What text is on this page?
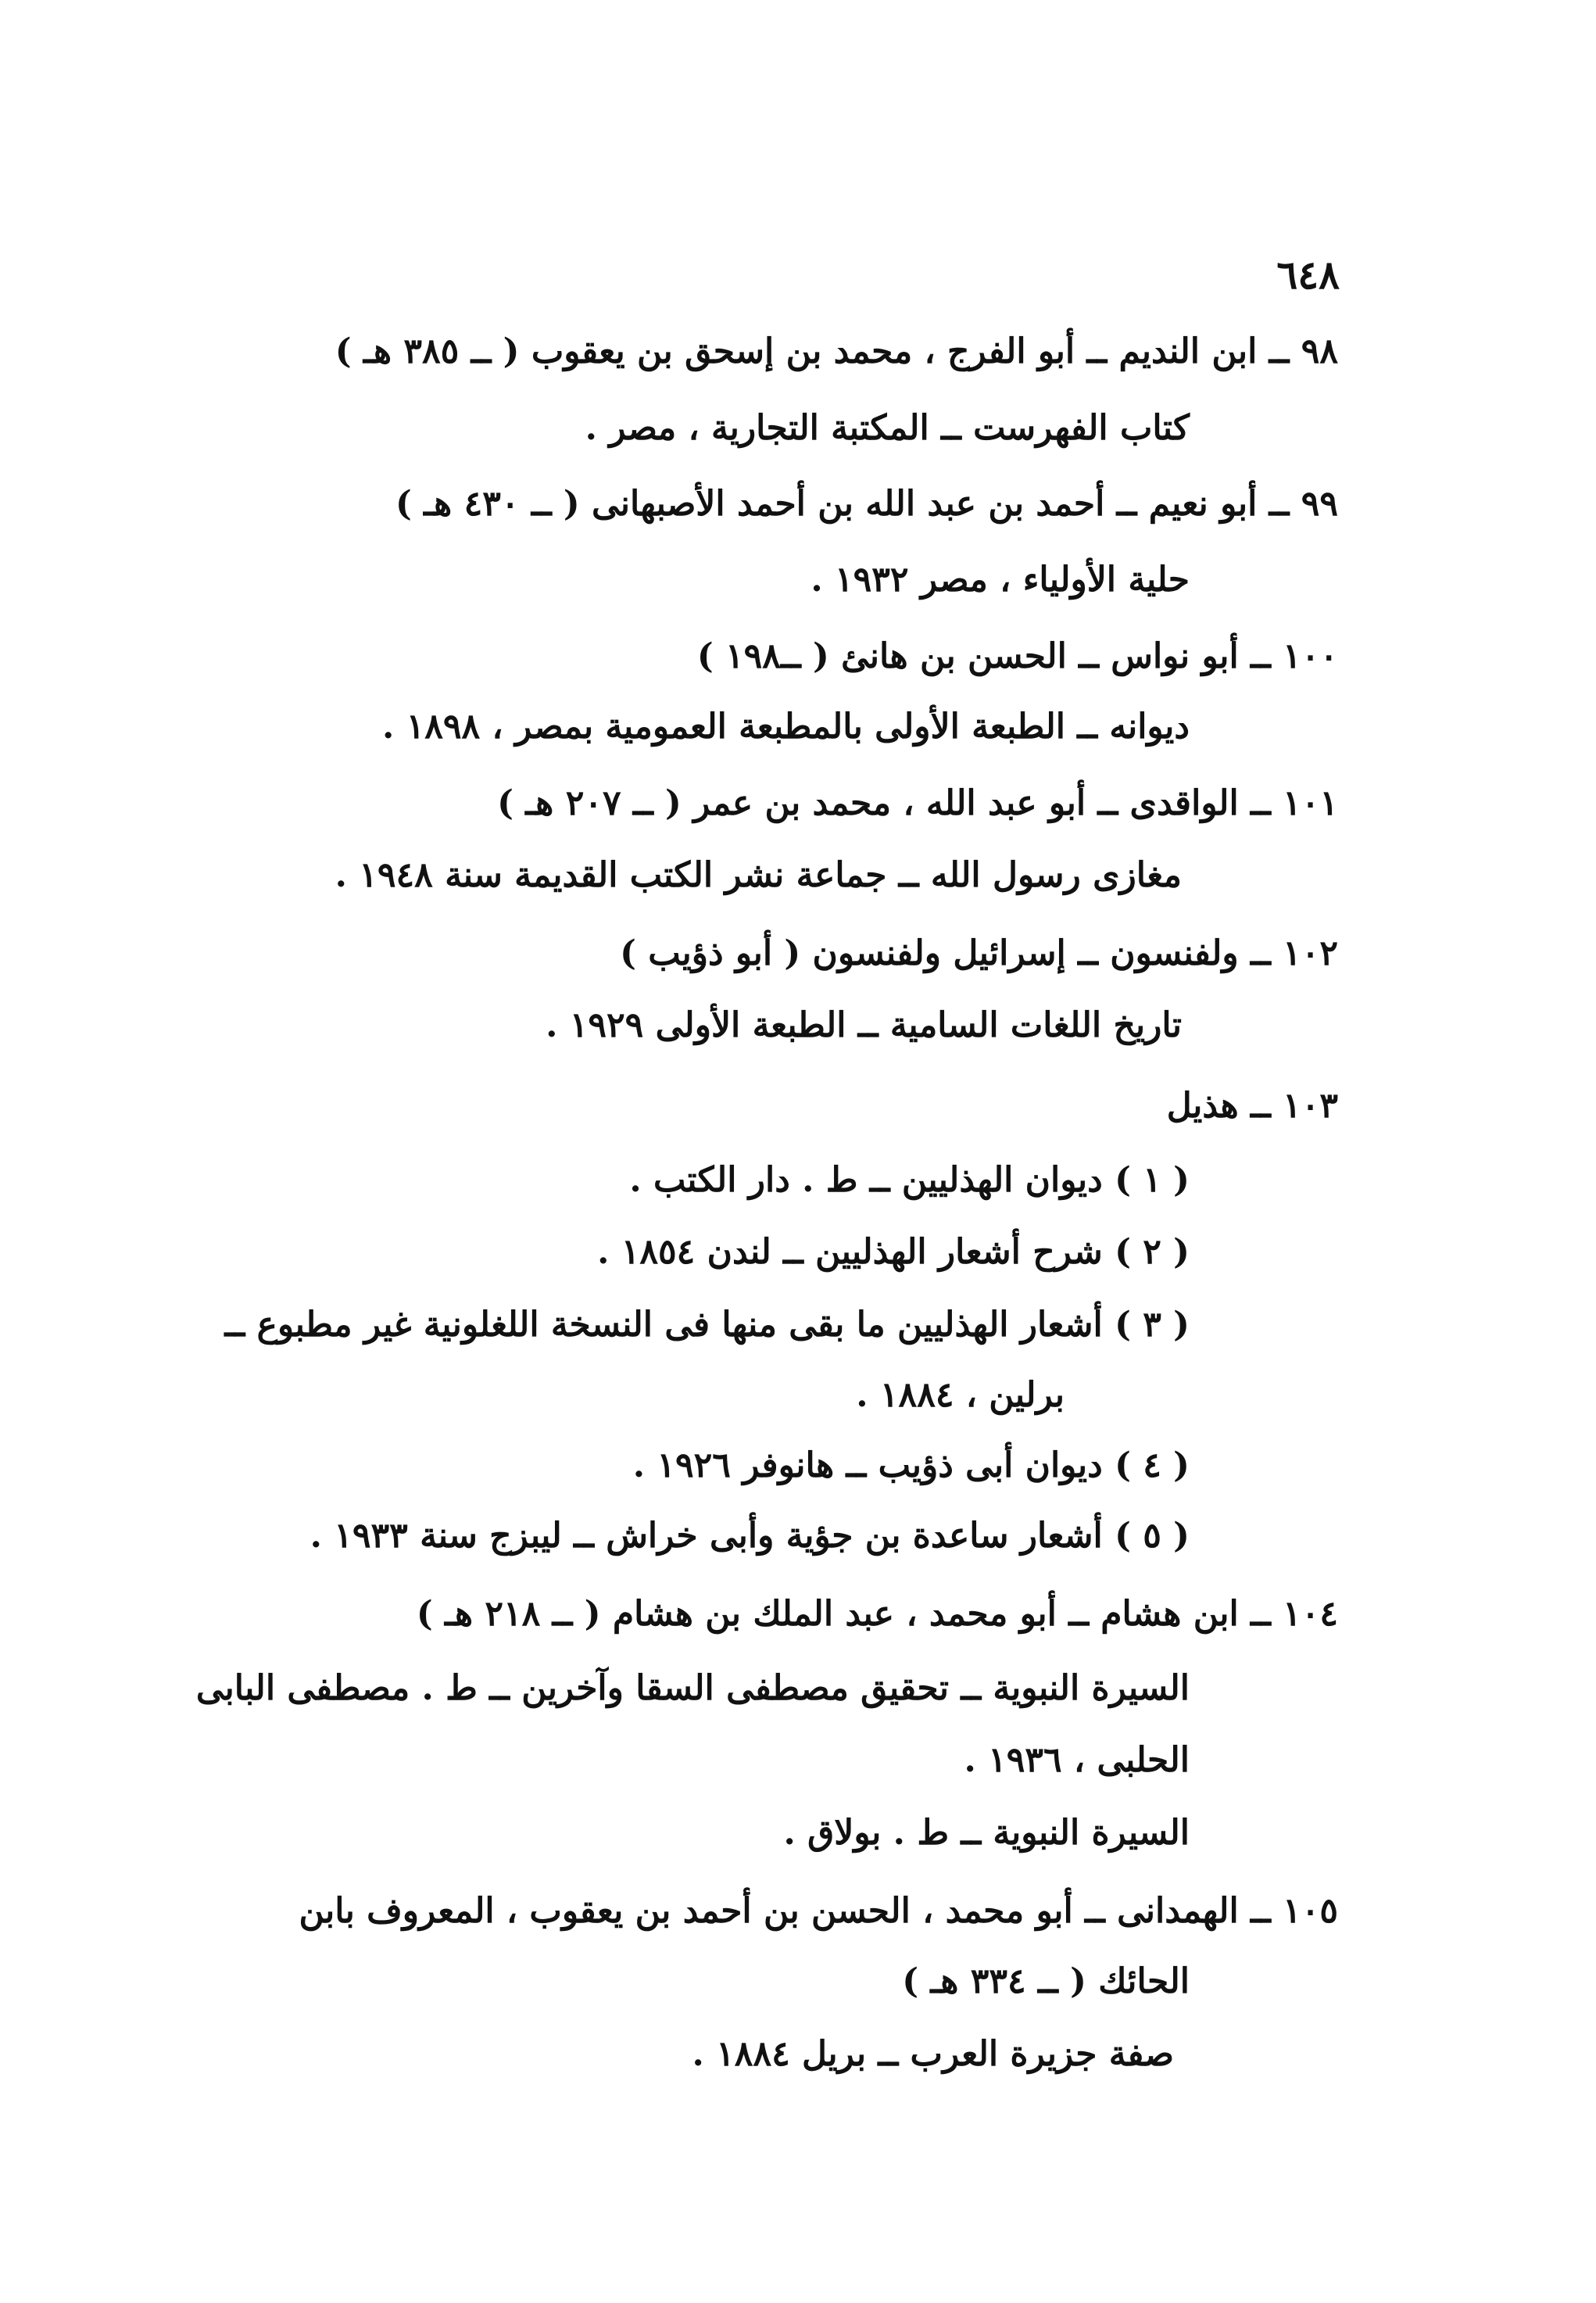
٦٤٨
٩٨ ــ ابن النديم ــ أبو الفرج ، محمد بن إسحق بن يعقوب ( ــ ٣٨٥ هـ )
كتاب الفهرست ــ المكتبة التجارية ، مصر .
٩٩ ــ أبو نعيم ــ أحمد بن عبد الله بن أحمد الأصبهانى ( ــ ٤٣٠ هـ )
حلية الأولياء ، مصر ١٩٣٢ .
١٠٠ ــ أبو نواس ــ الحسن بن هانئ ( ــ١٩٨ )
ديوانه ــ الطبعة الأولى بالمطبعة العمومية بمصر ، ١٨٩٨ .
١٠١ ــ الواقدى ــ أبو عبد الله ، محمد بن عمر ( ــ ٢٠٧ هـ )
مغازى رسول الله ــ جماعة نشر الكتب القديمة سنة ١٩٤٨ .
١٠٢ ــ ولفنسون ــ إسرائيل ولفنسون ( أبو ذؤيب )
تاريخ اللغات السامية ــ الطبعة الأولى ١٩٢٩ .
١٠٣ ــ هذيل
( ١ ) ديوان الهذليين ــ ط . دار الكتب .
( ٢ ) شرح أشعار الهذليين ــ لندن ١٨٥٤ .
( ٣ ) أشعار الهذليين ما بقى منها فى النسخة اللغلونية غير مطبوع ــ
برلين ، ١٨٨٤ .
( ٤ ) ديوان أبى ذؤيب ــ هانوفر ١٩٢٦ .
( ٥ ) أشعار ساعدة بن جؤية وأبى خراش ــ ليبزج سنة ١٩٣٣ .
١٠٤ ــ ابن هشام ــ أبو محمد ، عبد الملك بن هشام ( ــ ٢١٨ هـ )
السيرة النبوية ــ تحقيق مصطفى السقا وآخرين ــ ط . مصطفى البابى
الحلبى ، ١٩٣٦ .
السيرة النبوية ــ ط . بولاق .
١٠٥ ــ الهمدانى ــ أبو محمد ، الحسن بن أحمد بن يعقوب ، المعروف بابن
الحائك ( ــ ٣٣٤ هـ )
صفة جزيرة العرب ــ بريل ١٨٨٤ .
